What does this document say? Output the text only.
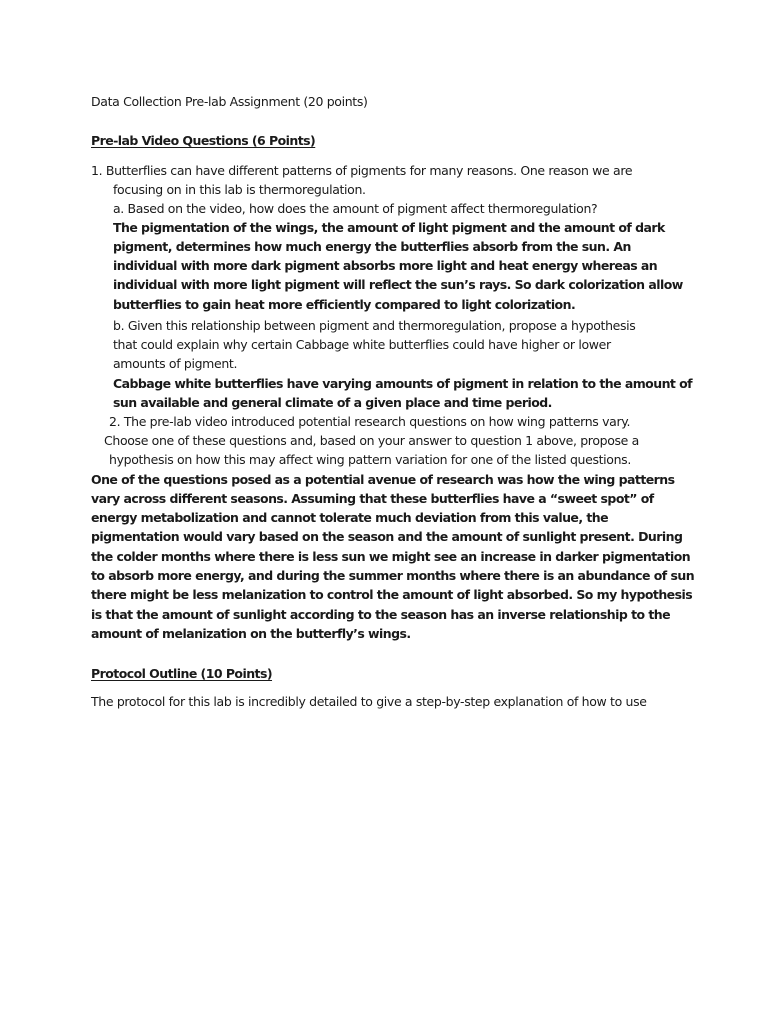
Data Collection Pre-lab Assignment (20 points)
Pre-lab Video Questions (6 Points)
1. Butterflies can have different patterns of pigments for many reasons. One reason we are
focusing on in this lab is thermoregulation.
a. Based on the video, how does the amount of pigment affect thermoregulation?
The pigmentation of the wings, the amount of light pigment and the amount of dark
pigment, determines how much energy the butterflies absorb from the sun. An
individual with more dark pigment absorbs more light and heat energy whereas an
individual with more light pigment will reflect the sun’s rays. So dark colorization allow
butterflies to gain heat more efficiently compared to light colorization.
b. Given this relationship between pigment and thermoregulation, propose a hypothesis
that could explain why certain Cabbage white butterflies could have higher or lower
amounts of pigment.
Cabbage white butterflies have varying amounts of pigment in relation to the amount of
sun available and general climate of a given place and time period.
2. The pre-lab video introduced potential research questions on how wing patterns vary.
Choose one of these questions and, based on your answer to question 1 above, propose a
hypothesis on how this may affect wing pattern variation for one of the listed questions.
One of the questions posed as a potential avenue of research was how the wing patterns
vary across different seasons. Assuming that these butterflies have a “sweet spot” of
energy metabolization and cannot tolerate much deviation from this value, the
pigmentation would vary based on the season and the amount of sunlight present. During
the colder months where there is less sun we might see an increase in darker pigmentation
to absorb more energy, and during the summer months where there is an abundance of sun
there might be less melanization to control the amount of light absorbed. So my hypothesis
is that the amount of sunlight according to the season has an inverse relationship to the
amount of melanization on the butterfly’s wings.
Protocol Outline (10 Points)
The protocol for this lab is incredibly detailed to give a step-by-step explanation of how to use
